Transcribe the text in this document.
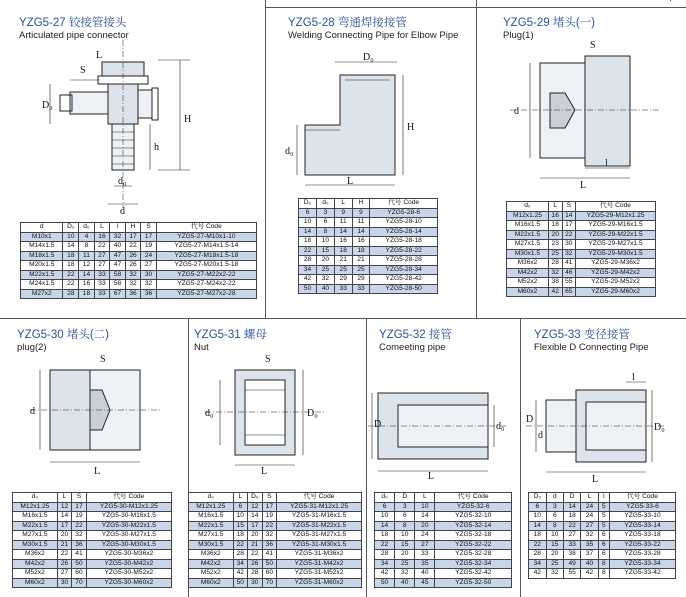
YZG5-27 铰接管接头
Articulated pipe connector
D₀
S
H
L
h
d₀
d
d	D₀	d₀	L	l	H	S	代号 Code
M10x1	10	4	16	32	17	17	YZG5-27-M10x1-10
M14x1.5	14	8	22	40	22	19	YZG5-27-M14x1.5-14
M18x1.5	18	11	27	47	26	24	YZG5-27-M18x1.5-18
M20x1.5	18	12	27	47	26	27	YZG5-27-M20x1.5-18
M22x1.5	22	14	33	58	32	30	YZG5-27-M22x2-22
M24x1.5	22	16	33	58	32	32	YZG5-27-M24x2-22
M27x2	28	18	33	67	36	36	YZG5-27-M27x2-28
YZG5-28 弯通焊接接管
Welding Connecting Pipe for Elbow Pipe
D₀
d₀
H
L
D₀	d₀	L	H	代号 Code
6	3	9	9	YZG5-28-6
10	6	11	11	YZG5-28-10
14	8	14	14	YZG5-28-14
18	10	16	16	YZG5-28-18
22	15	18	18	YZG5-28-22
28	20	21	21	YZG5-28-28
34	25	25	25	YZG5-28-34
42	32	29	29	YZG5-28-42
50	40	33	33	YZG5-28-50
YZG5-29 堵头(一)
Plug(1)
S
d
L
l
d₀	L	S	代号 Code
M12x1.25	16	14	YZG5-29-M12x1.25
M16x1.5	18	17	YZG5-29-M16x1.5
M22x1.5	20	22	YZG5-29-M22x1.5
M27x1.5	23	30	YZG5-29-M27x1.5
M30x1.5	25	32	YZG5-29-M30x1.5
M36x2	28	41	YZG5-29-M36x2
M42x2	32	46	YZG5-29-M42x2
M52x2	38	55	YZG5-29-M52x2
M60x2	42	65	YZG5-29-M60x2
YZG5-30 堵头(二)
plug(2)
S
d
L
d₀	L	S	代号 Code
M12x1.25	12	17	YZG5-30-M12x1.25
M16x1.5	14	19	YZG5-30-M16x1.5
M22x1.5	17	22	YZG5-30-M22x1.5
M27x1.5	20	32	YZG5-30-M27x1.5
M30x1.5	21	36	YZG5-30-M30x1.5
M36x2	22	41	YZG5-30-M36x2
M42x2	26	50	YZG5-30-M42x2
M52x2	27	60	YZG5-30-M52x2
M60x2	30	70	YZG5-30-M60x2
YZG5-31 螺母
Nut
S
d₀	D₀
L
d₀	L	D₀	S	代号 Code
M12x1.25	6	12	17	YZG5-31-M12x1.25
M16x1.5	10	14	19	YZG5-31-M16x1.5
M22x1.5	15	17	22	YZG5-31-M22x1.5
M27x1.5	18	20	32	YZG5-31-M27x1.5
M30x1.5	22	21	36	YZG5-31-M30x1.5
M36x2	28	22	41	YZG5-31-M36x2
M42x2	34	26	50	YZG5-31-M42x2
M52x2	42	28	60	YZG5-31-M52x2
M60x2	50	30	70	YZG5-31-M60x2
YZG5-32 接管
Comeeting pipe
D	d₀
L
d₀	D	L	代号 Code
6	3	10	YZG5-32-6
10	6	14	YZG5-32-10
14	8	20	YZG5-32-14
18	10	24	YZG5-32-18
22	15	27	YZG5-32-22
28	20	33	YZG5-32-28
34	25	35	YZG5-32-34
42	32	40	YZG5-32-42
50	40	45	YZG5-32-50
YZG5-33 变径接管
Flexible D Connecting Pipe
l
D
d
D₀
L
D₀	d	D	L	l	代号 Code
6	3	14	24	5	YZG5-33-6
10	6	18	24	5	YZG5-33-10
14	8	22	27	5	YZG5-33-14
18	10	27	32	6	YZG5-33-18
22	15	33	35	6	YZG5-33-22
28	20	38	37	6	YZG5-33-28
34	25	49	40	8	YZG5-33-34
42	32	55	42	8	YZG5-33-42
